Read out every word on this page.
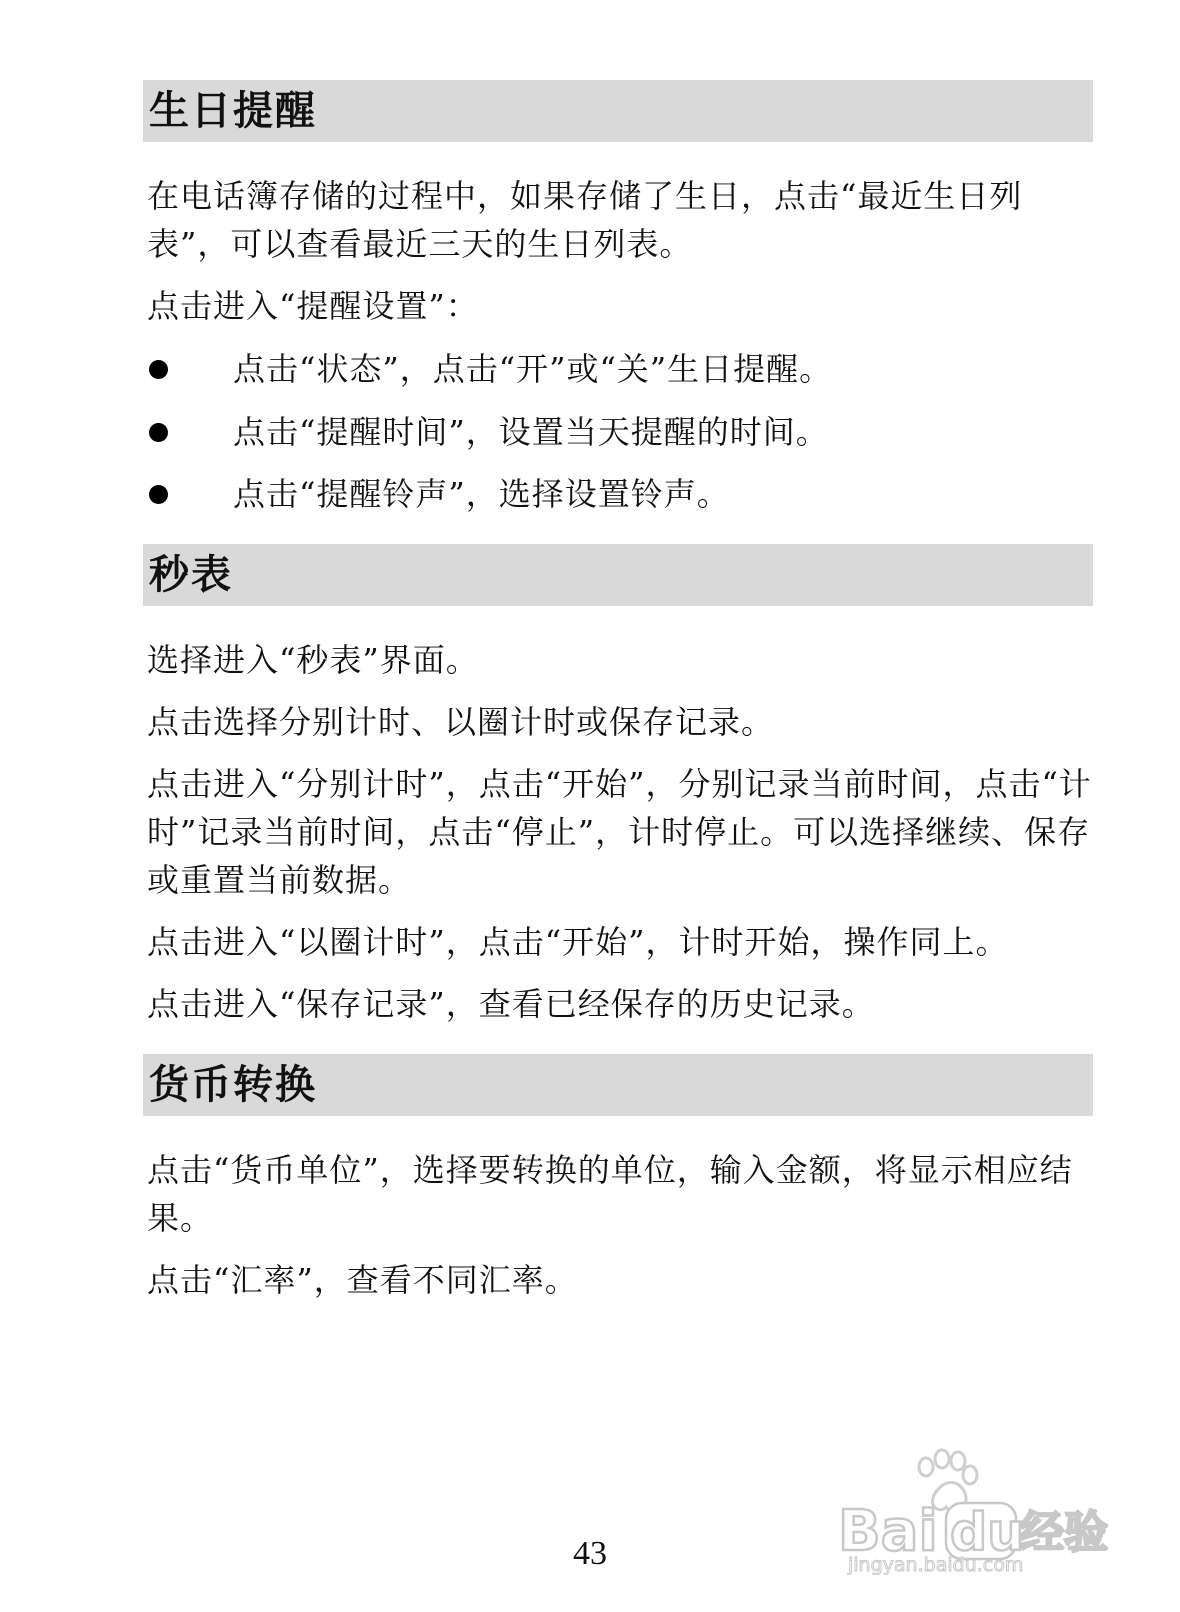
生日提醒
在电话簿存储的过程中，如果存储了生日，点击“最近生日列表”，可以查看最近三天的生日列表。
点击进入“提醒设置”：
点击“状态”，点击“开”或“关”生日提醒。
点击“提醒时间”，设置当天提醒的时间。
点击“提醒铃声”，选择设置铃声。
秒表
选择进入“秒表”界面。
点击选择分别计时、以圈计时或保存记录。
点击进入“分别计时”，点击“开始”，分别记录当前时间，点击“计时”记录当前时间，点击“停止”，计时停止。可以选择继续、保存或重置当前数据。
点击进入“以圈计时”，点击“开始”，计时开始，操作同上。
点击进入“保存记录”，查看已经保存的历史记录。
货币转换
点击“货币单位”，选择要转换的单位，输入金额，将显示相应结果。
点击“汇率”，查看不同汇率。
43	Bai du
经验
jingyan.baidu.com
